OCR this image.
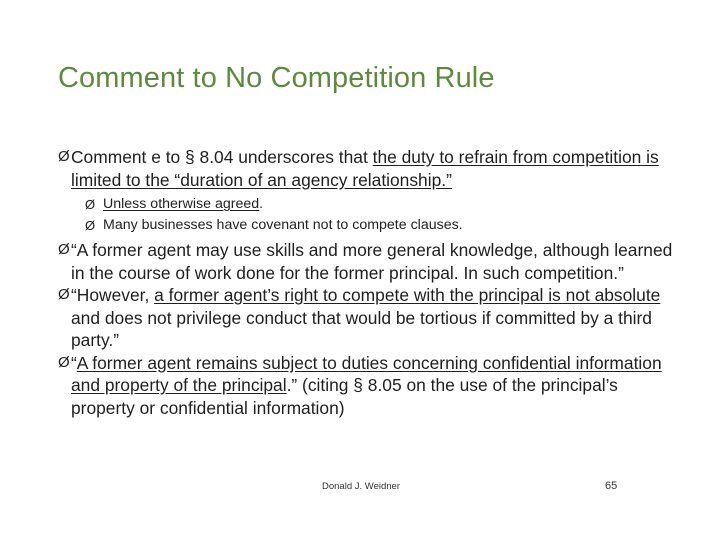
Comment to No Competition Rule
Ø Comment e to § 8.04 underscores that the duty to refrain from competition is limited to the “duration of an agency relationship.”
Ø Unless otherwise agreed.
Ø Many businesses have covenant not to compete clauses.
Ø “A former agent may use skills and more general knowledge, although learned in the course of work done for the former principal. In such competition.”
Ø “However, a former agent’s right to compete with the principal is not absolute and does not privilege conduct that would be tortious if committed by a third party.”
Ø “A former agent remains subject to duties concerning confidential information and property of the principal.” (citing § 8.05 on the use of the principal’s property or confidential information)
Donald J. Weidner	65
